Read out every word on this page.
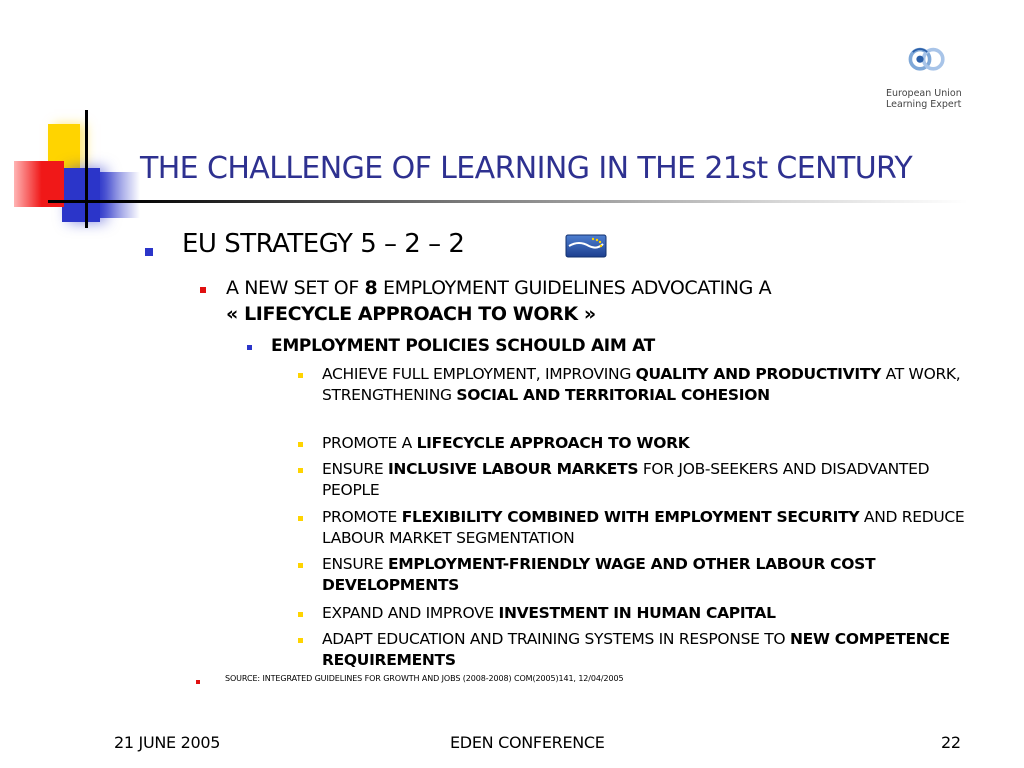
THE CHALLENGE OF LEARNING IN THE 21st CENTURY
European Union
Learning Expert
EU STRATEGY 5 – 2 – 2
A NEW SET OF 8 EMPLOYMENT GUIDELINES ADVOCATING A
« LIFECYCLE APPROACH TO WORK »
EMPLOYMENT POLICIES SCHOULD AIM AT
ACHIEVE FULL EMPLOYMENT, IMPROVING QUALITY AND PRODUCTIVITY AT WORK, STRENGTHENING SOCIAL AND TERRITORIAL COHESION
PROMOTE A LIFECYCLE APPROACH TO WORK
ENSURE INCLUSIVE LABOUR MARKETS FOR JOB-SEEKERS AND DISADVANTED PEOPLE
PROMOTE FLEXIBILITY COMBINED WITH EMPLOYMENT SECURITY AND REDUCE LABOUR MARKET SEGMENTATION
ENSURE EMPLOYMENT-FRIENDLY WAGE AND OTHER LABOUR COST DEVELOPMENTS
EXPAND AND IMPROVE INVESTMENT IN HUMAN CAPITAL
ADAPT EDUCATION AND TRAINING SYSTEMS IN RESPONSE TO NEW COMPETENCE REQUIREMENTS
SOURCE: INTEGRATED GUIDELINES FOR GROWTH AND JOBS (2008-2008) COM(2005)141, 12/04/2005
21 JUNE 2005	EDEN CONFERENCE	22
